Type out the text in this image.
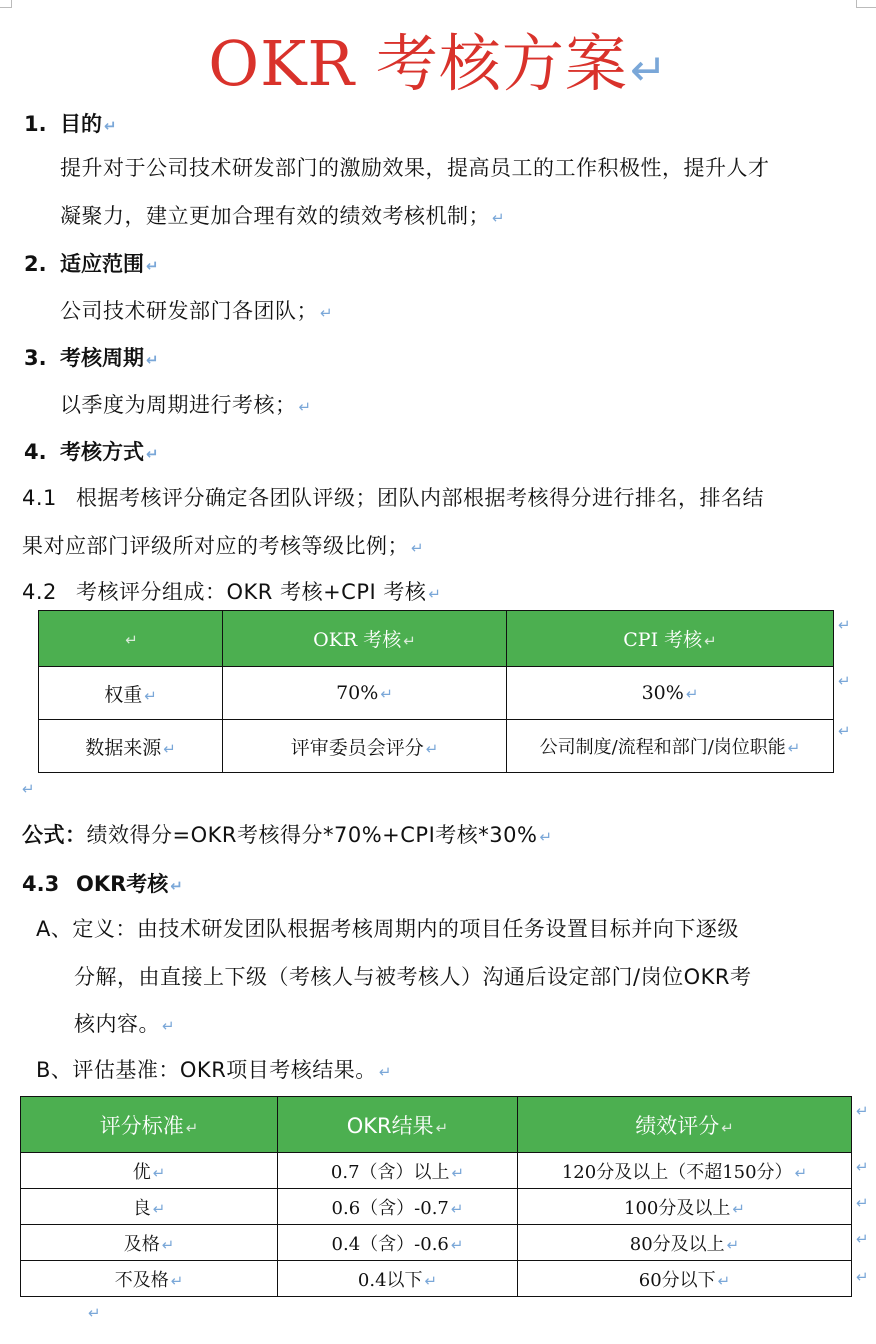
OKR 考核方案↵
1. 目的 ↵
提升对于公司技术研发部门的激励效果，提高员工的工作积极性，提升人才
凝聚力，建立更加合理有效的绩效考核机制； ↵
2. 适应范围 ↵
公司技术研发部门各团队； ↵
3. 考核周期 ↵
以季度为周期进行考核； ↵
4. 考核方式 ↵
4.1 根据考核评分确定各团队评级；团队内部根据考核得分进行排名，排名结
果对应部门评级所对应的考核等级比例； ↵
4.2 考核评分组成：OKR 考核+CPI 考核 ↵
↵	OKR 考核 ↵	CPI 考核 ↵
权重 ↵	70% ↵	30% ↵
数据来源 ↵	评审委员会评分 ↵	公司制度/流程和部门/岗位职能 ↵
↵
↵
↵
↵
公式：绩效得分=OKR考核得分*70%+CPI考核*30% ↵
4.3 OKR考核 ↵
A、定义：由技术研发团队根据考核周期内的项目任务设置目标并向下逐级
分解，由直接上下级（考核人与被考核人）沟通后设定部门/岗位OKR考
核内容。 ↵
B、评估基准：OKR项目考核结果。 ↵
评分标准 ↵	OKR结果 ↵	绩效评分 ↵
优 ↵	0.7（含）以上 ↵	120分及以上（不超150分） ↵
良 ↵	0.6（含）-0.7 ↵	100分及以上 ↵
及格 ↵	0.4（含）-0.6 ↵	80分及以上 ↵
不及格 ↵	0.4以下 ↵	60分以下 ↵
↵
↵
↵
↵
↵
↵
